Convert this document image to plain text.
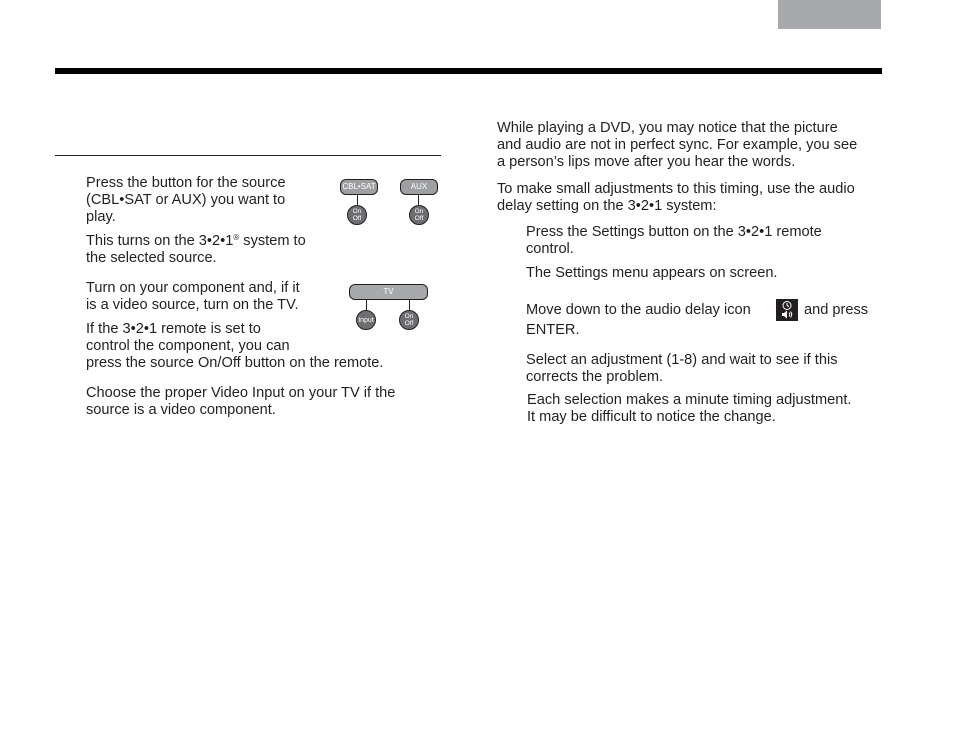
Press the button for the source

(CBL•SAT or AUX) you want to

play.

This turns on the 3•2•1® system to

the selected source.

CBL•SAT	AUX
On
Off
On
Off

Turn on your component and, if it

is a video source, turn on the TV.

If the 3•2•1 remote is set to

control the component, you can

press the source On/Off button on the remote.

TV
Input	On
Off

Choose the proper Video Input on your TV if the

source is a video component.

While playing a DVD, you may notice that the picture

and audio are not in perfect sync. For example, you see

a person’s lips move after you hear the words.

To make small adjustments to this timing, use the audio

delay setting on the 3•2•1 system:

Press the Settings button on the 3•2•1 remote

control.

The Settings menu appears on screen.

Move down to the audio delay icon	and press

ENTER.

Select an adjustment (1-8) and wait to see if this

corrects the problem.

Each selection makes a minute timing adjustment.

It may be difficult to notice the change.
